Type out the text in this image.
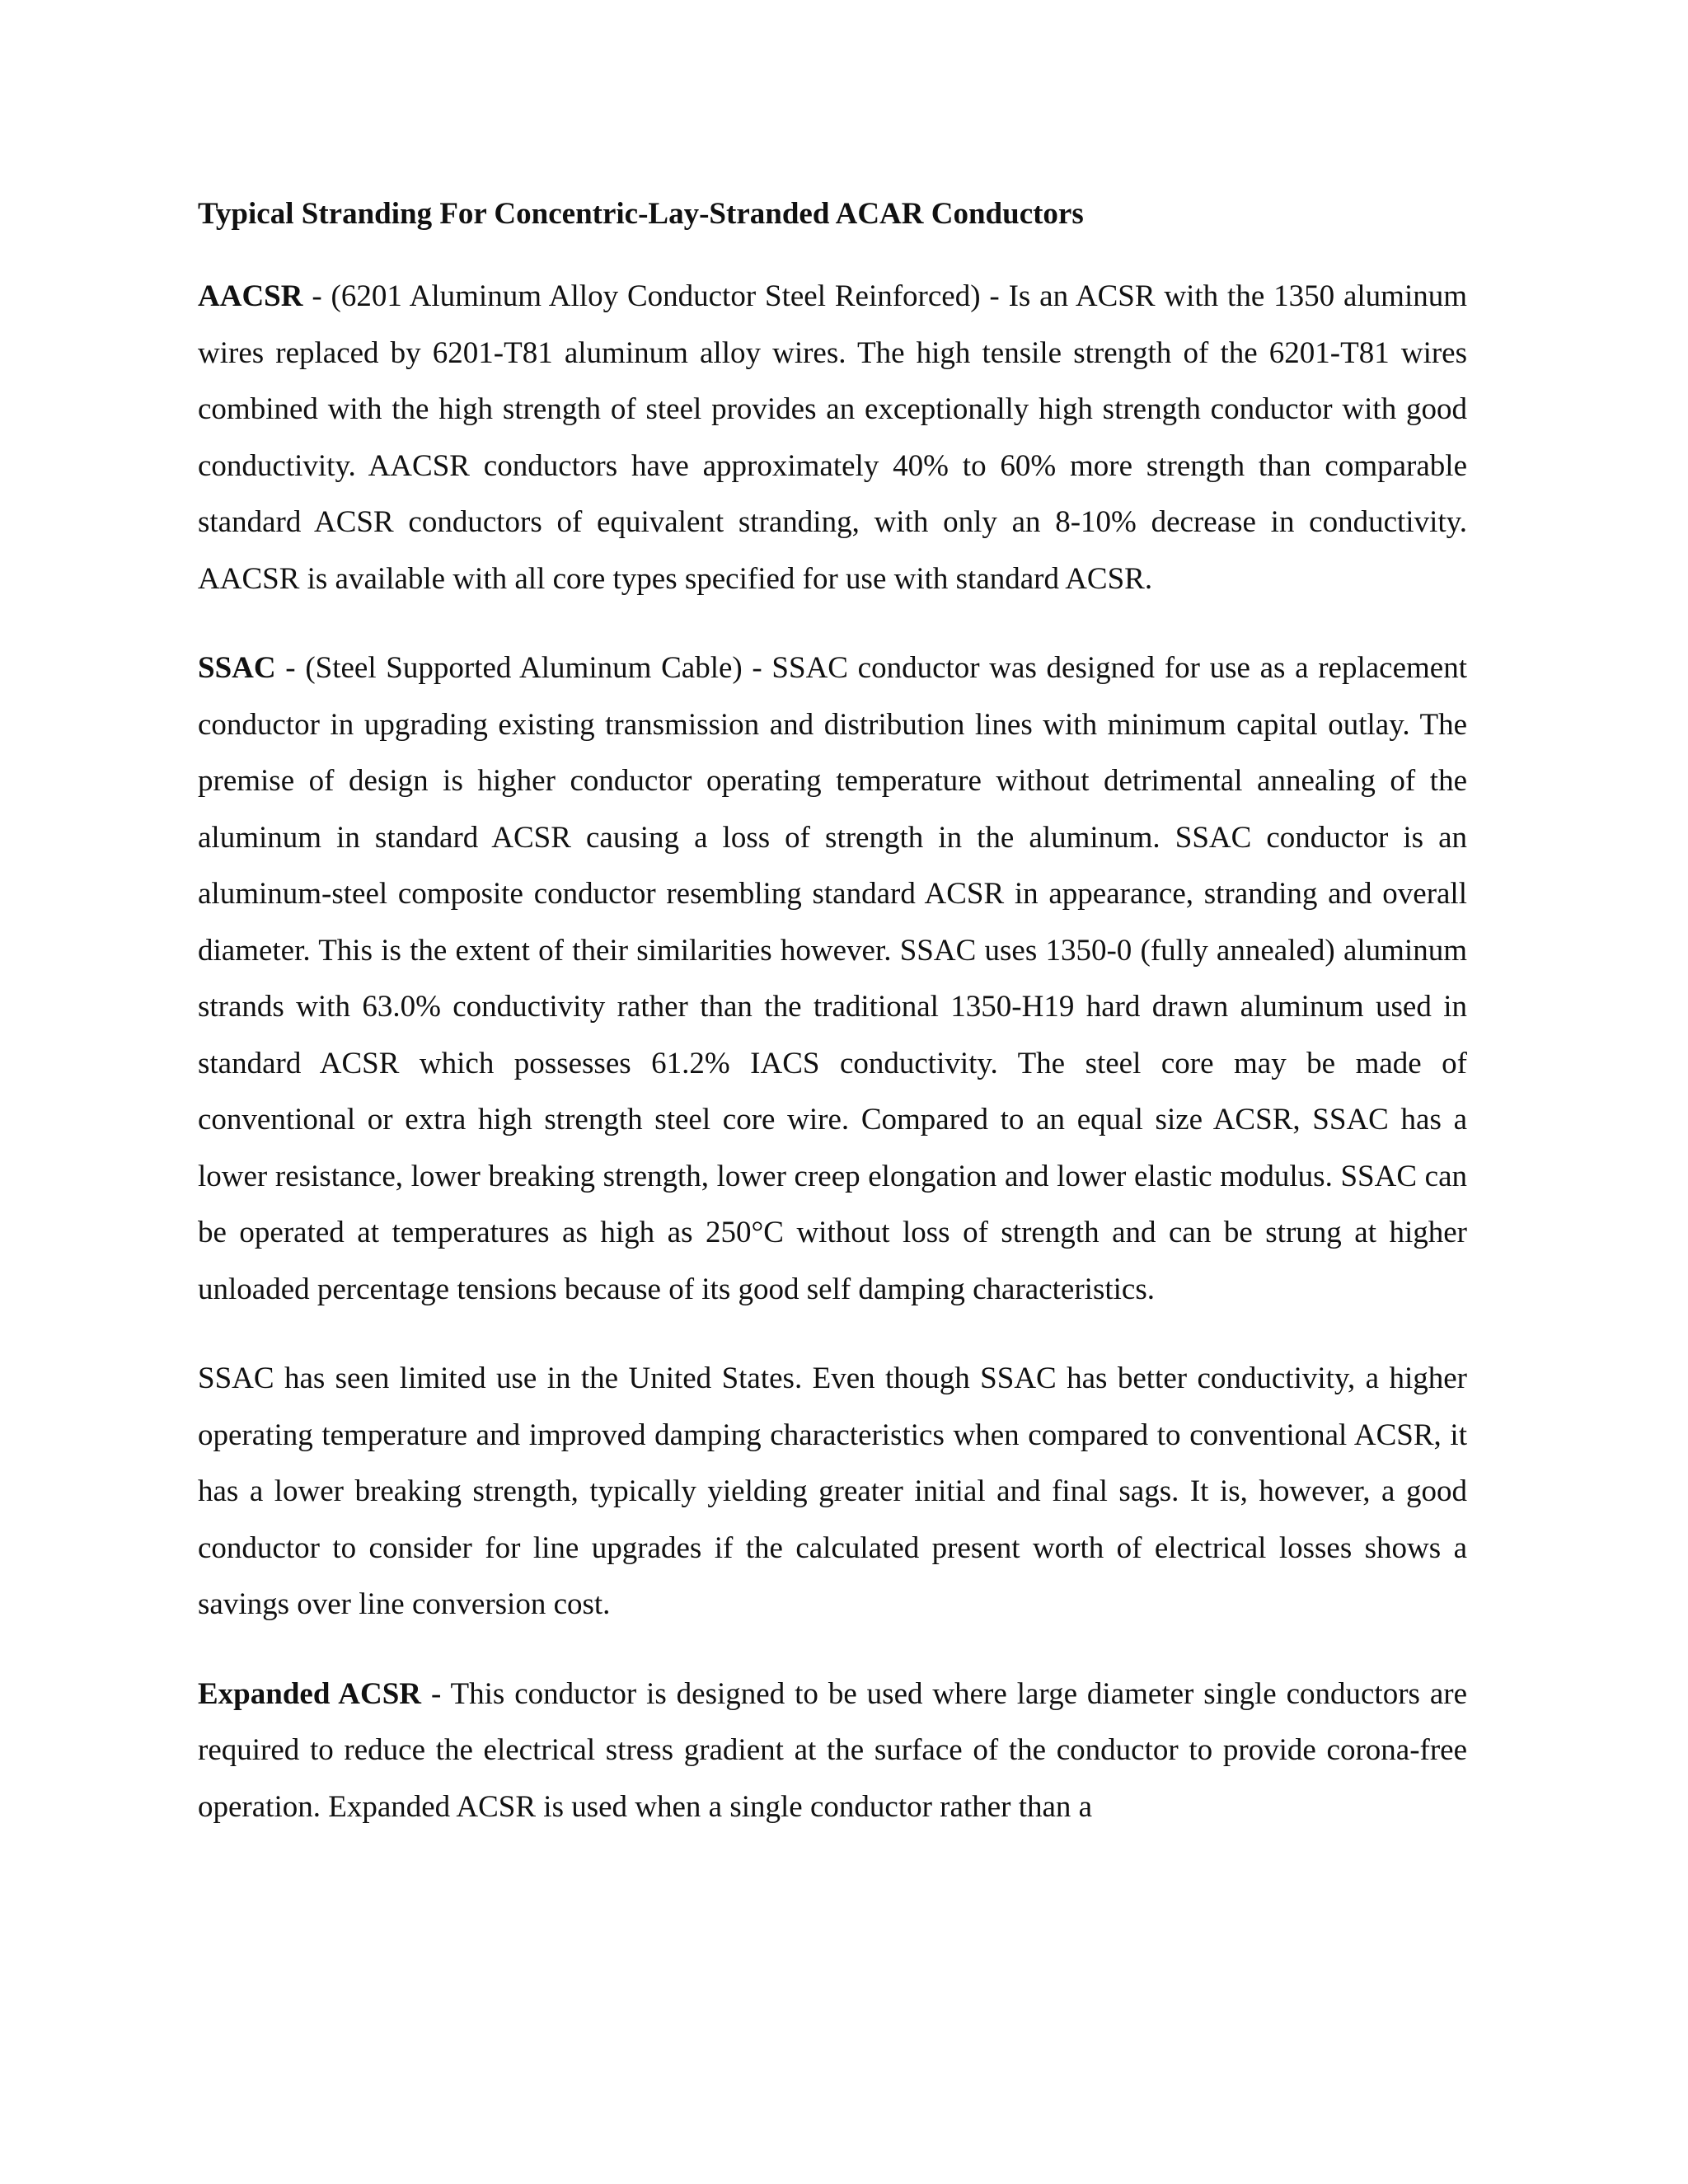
Typical Stranding For Concentric-Lay-Stranded ACAR Conductors

AACSR - (6201 Aluminum Alloy Conductor Steel Reinforced) - Is an ACSR with the 1350 aluminum wires replaced by 6201-T81 aluminum alloy wires. The high tensile strength of the 6201-T81 wires combined with the high strength of steel provides an exceptionally high strength conductor with good conductivity. AACSR conductors have approximately 40% to 60% more strength than comparable standard ACSR conductors of equivalent stranding, with only an 8-10% decrease in conductivity. AACSR is available with all core types specified for use with standard ACSR.

SSAC - (Steel Supported Aluminum Cable) - SSAC conductor was designed for use as a replacement conductor in upgrading existing transmission and distribution lines with minimum capital outlay. The premise of design is higher conductor operating temperature without detrimental annealing of the aluminum in standard ACSR causing a loss of strength in the aluminum. SSAC conductor is an aluminum-steel composite conductor resembling standard ACSR in appearance, stranding and overall diameter. This is the extent of their similarities however. SSAC uses 1350-0 (fully annealed) aluminum strands with 63.0% conductivity rather than the traditional 1350-H19 hard drawn aluminum used in standard ACSR which possesses 61.2% IACS conductivity. The steel core may be made of conventional or extra high strength steel core wire. Compared to an equal size ACSR, SSAC has a lower resistance, lower breaking strength, lower creep elongation and lower elastic modulus. SSAC can be operated at temperatures as high as 250°C without loss of strength and can be strung at higher unloaded percentage tensions because of its good self damping characteristics.

SSAC has seen limited use in the United States. Even though SSAC has better conductivity, a higher operating temperature and improved damping characteristics when compared to conventional ACSR, it has a lower breaking strength, typically yielding greater initial and final sags. It is, however, a good conductor to consider for line upgrades if the calculated present worth of electrical losses shows a savings over line conversion cost.

Expanded ACSR - This conductor is designed to be used where large diameter single conductors are required to reduce the electrical stress gradient at the surface of the conductor to provide corona-free operation. Expanded ACSR is used when a single conductor rather than a
